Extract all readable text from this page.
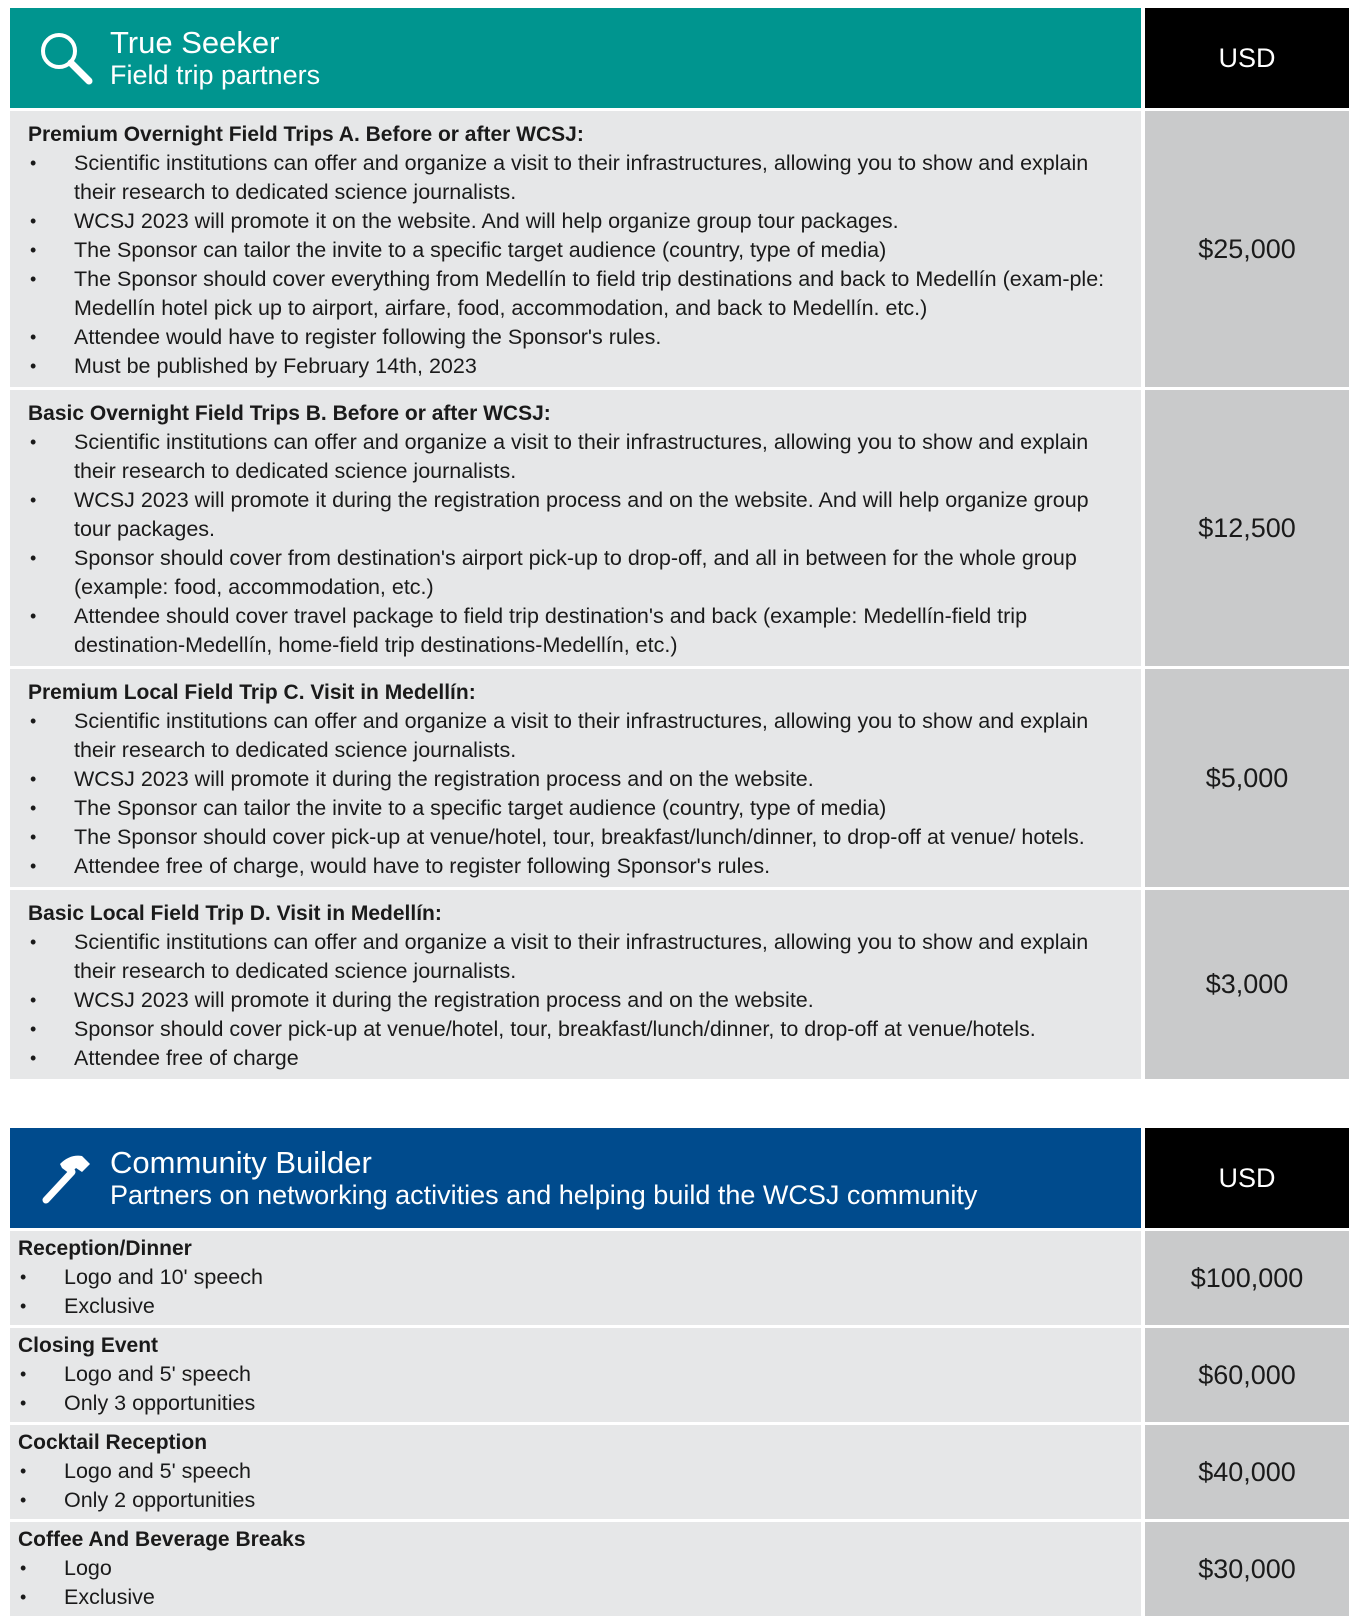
True Seeker
Field trip partners
USD
Premium Overnight Field Trips A. Before or after WCSJ:
• Scientific institutions can offer and organize a visit to their infrastructures, allowing you to show and explain their research to dedicated science journalists.
• WCSJ 2023 will promote it on the website. And will help organize group tour packages.
• The Sponsor can tailor the invite to a specific target audience (country, type of media)
• The Sponsor should cover everything from Medellín to field trip destinations and back to Medellín (exam-ple: Medellín hotel pick up to airport, airfare, food, accommodation, and back to Medellín. etc.)
• Attendee would have to register following the Sponsor's rules.
• Must be published by February 14th, 2023
$25,000
Basic Overnight Field Trips B. Before or after WCSJ:
• Scientific institutions can offer and organize a visit to their infrastructures, allowing you to show and explain their research to dedicated science journalists.
• WCSJ 2023 will promote it during the registration process and on the website. And will help organize group tour packages.
• Sponsor should cover from destination's airport pick-up to drop-off, and all in between for the whole group (example: food, accommodation, etc.)
• Attendee should cover travel package to field trip destination's and back (example: Medellín-field trip destination-Medellín, home-field trip destinations-Medellín, etc.)
$12,500
Premium Local Field Trip C. Visit in Medellín:
• Scientific institutions can offer and organize a visit to their infrastructures, allowing you to show and explain their research to dedicated science journalists.
• WCSJ 2023 will promote it during the registration process and on the website.
• The Sponsor can tailor the invite to a specific target audience (country, type of media)
• The Sponsor should cover pick-up at venue/hotel, tour, breakfast/lunch/dinner, to drop-off at venue/ hotels.
• Attendee free of charge, would have to register following Sponsor's rules.
$5,000
Basic Local Field Trip D. Visit in Medellín:
• Scientific institutions can offer and organize a visit to their infrastructures, allowing you to show and explain their research to dedicated science journalists.
• WCSJ 2023 will promote it during the registration process and on the website.
• Sponsor should cover pick-up at venue/hotel, tour, breakfast/lunch/dinner, to drop-off at venue/hotels.
• Attendee free of charge
$3,000
Community Builder
Partners on networking activities and helping build the WCSJ community
USD
Reception/Dinner
• Logo and 10' speech
• Exclusive
$100,000
Closing Event
• Logo and 5' speech
• Only 3 opportunities
$60,000
Cocktail Reception
• Logo and 5' speech
• Only 2 opportunities
$40,000
Coffee And Beverage Breaks
• Logo
• Exclusive
$30,000
